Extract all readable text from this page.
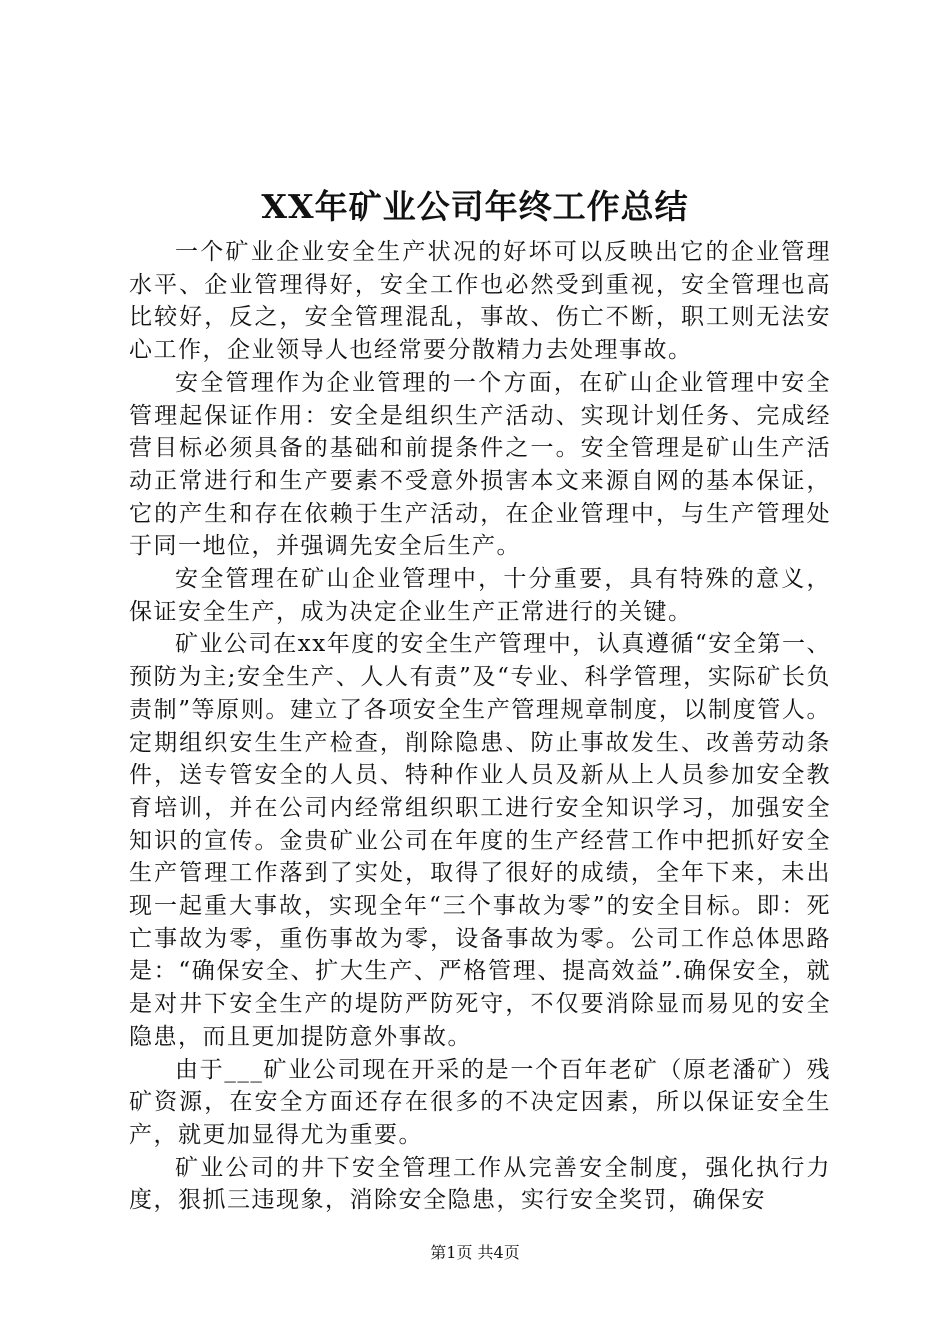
XX年矿业公司年终工作总结

一个矿业企业安全生产状况的好坏可以反映出它的企业管理水平、企业管理得好，安全工作也必然受到重视，安全管理也高比较好，反之，安全管理混乱，事故、伤亡不断，职工则无法安心工作，企业领导人也经常要分散精力去处理事故。

安全管理作为企业管理的一个方面，在矿山企业管理中安全管理起保证作用：安全是组织生产活动、实现计划任务、完成经营目标必须具备的基础和前提条件之一。安全管理是矿山生产活动正常进行和生产要素不受意外损害本文来源自网的基本保证，它的产生和存在依赖于生产活动，在企业管理中，与生产管理处于同一地位，并强调先安全后生产。

安全管理在矿山企业管理中，十分重要，具有特殊的意义，保证安全生产，成为决定企业生产正常进行的关键。

矿业公司在xx年度的安全生产管理中，认真遵循“安全第一、预防为主;安全生产、人人有责”及“专业、科学管理，实际矿长负责制”等原则。建立了各项安全生产管理规章制度，以制度管人。定期组织安生生产检查，削除隐患、防止事故发生、改善劳动条件，送专管安全的人员、特种作业人员及新从上人员参加安全教育培训，并在公司内经常组织职工进行安全知识学习，加强安全知识的宣传。金贵矿业公司在年度的生产经营工作中把抓好安全生产管理工作落到了实处，取得了很好的成绩，全年下来，未出现一起重大事故，实现全年“三个事故为零”的安全目标。即：死亡事故为零，重伤事故为零，设备事故为零。公司工作总体思路是：“确保安全、扩大生产、严格管理、提高效益”.确保安全，就是对井下安全生产的堤防严防死守，不仅要消除显而易见的安全隐患，而且更加提防意外事故。

由于___矿业公司现在开采的是一个百年老矿（原老潘矿）残矿资源，在安全方面还存在很多的不决定因素，所以保证安全生产，就更加显得尤为重要。

矿业公司的井下安全管理工作从完善安全制度，强化执行力度，狠抓三违现象，消除安全隐患，实行安全奖罚，确保安

第1页 共4页
